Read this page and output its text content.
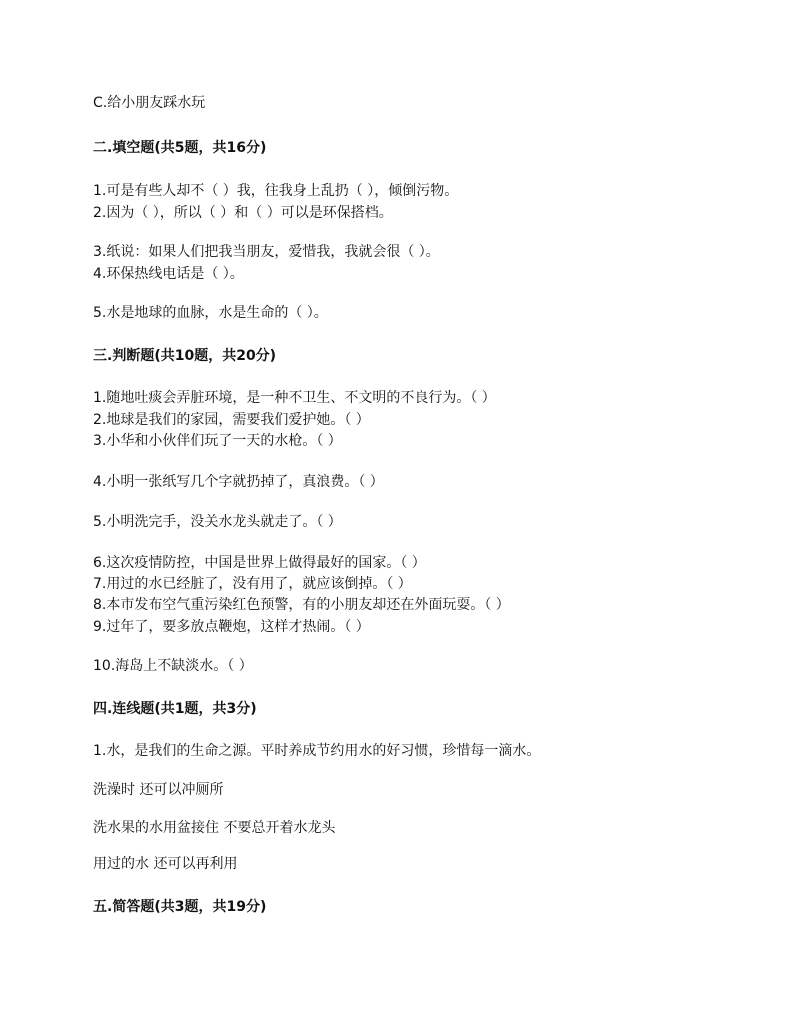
C.给小朋友踩水玩
二.填空题(共5题，共16分)
1.可是有些人却不（ ）我，往我身上乱扔（ ），倾倒污物。
2.因为（ ），所以（ ）和（ ）可以是环保搭档。
3.纸说：如果人们把我当朋友，爱惜我，我就会很（ ）。
4.环保热线电话是（ ）。
5.水是地球的血脉，水是生命的（ ）。
三.判断题(共10题，共20分)
1.随地吐痰会弄脏环境，是一种不卫生、不文明的不良行为。（ ）
2.地球是我们的家园，需要我们爱护她。（ ）
3.小华和小伙伴们玩了一天的水枪。（ ）
4.小明一张纸写几个字就扔掉了，真浪费。（ ）
5.小明洗完手，没关水龙头就走了。（ ）
6.这次疫情防控，中国是世界上做得最好的国家。（ ）
7.用过的水已经脏了，没有用了，就应该倒掉。（ ）
8.本市发布空气重污染红色预警，有的小朋友却还在外面玩耍。（ ）
9.过年了，要多放点鞭炮，这样才热闹。（ ）
10.海岛上不缺淡水。（ ）
四.连线题(共1题，共3分)
1.水，是我们的生命之源。平时养成节约用水的好习惯，珍惜每一滴水。
洗澡时 还可以冲厕所
洗水果的水用盆接住 不要总开着水龙头
用过的水 还可以再利用
五.简答题(共3题，共19分)
